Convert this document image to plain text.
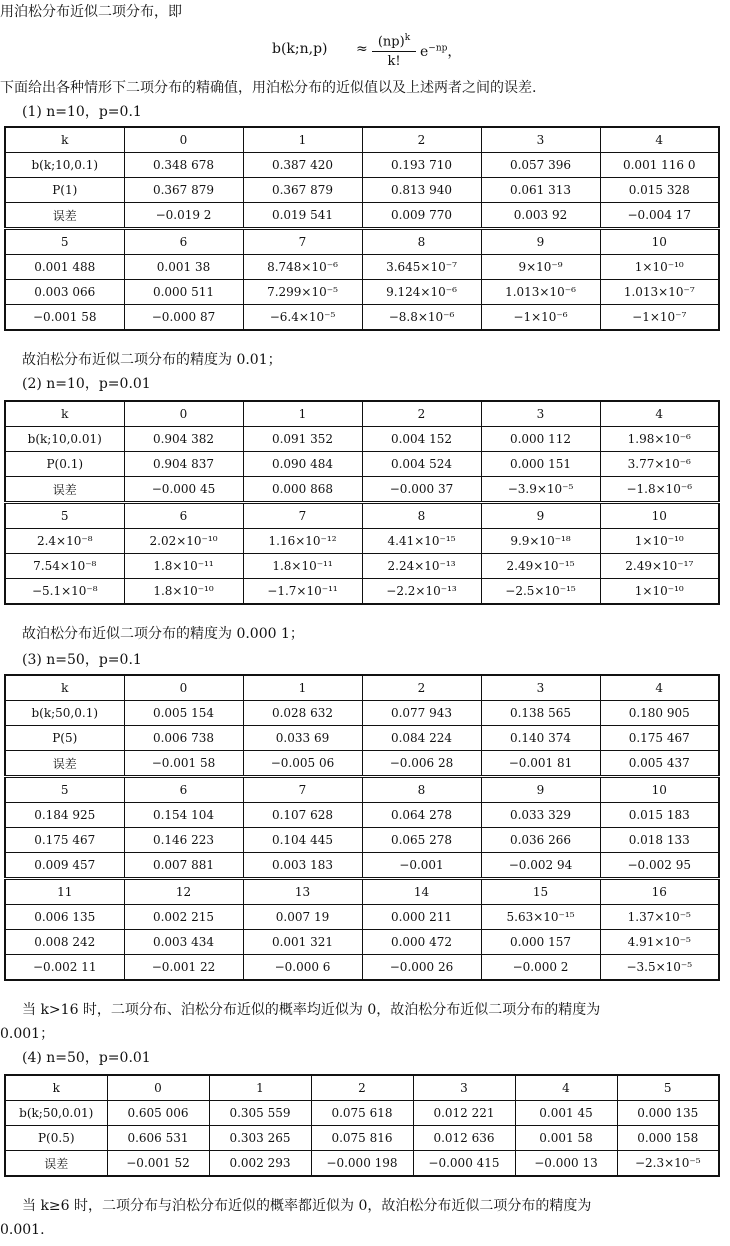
用泊松分布近似二项分布，即
b(k;n,p) ≈ $\frac{(np)^k}{k!} e^{-np}$，
下面给出各种情形下二项分布的精确值，用泊松分布的近似值以及上述两者之间的误差.
(1) n=10，p=0.1
k	0	1	2	3	4
b(k;10,0.1)	0.348 678	0.387 420	0.193 710	0.057 396	0.001 116 0
P(1)	0.367 879	0.367 879	0.813 940	0.061 313	0.015 328
误差	−0.019 2	0.019 541	0.009 770	0.003 92	−0.004 17
5	6	7	8	9	10
0.001 488	0.001 38	8.748×10⁻⁶	3.645×10⁻⁷	9×10⁻⁹	1×10⁻¹⁰
0.003 066	0.000 511	7.299×10⁻⁵	9.124×10⁻⁶	1.013×10⁻⁶	1.013×10⁻⁷
−0.001 58	−0.000 87	−6.4×10⁻⁵	−8.8×10⁻⁶	−1×10⁻⁶	−1×10⁻⁷
故泊松分布近似二项分布的精度为 0.01；
(2) n=10，p=0.01
k	0	1	2	3	4
b(k;10,0.01)	0.904 382	0.091 352	0.004 152	0.000 112	1.98×10⁻⁶
P(0.1)	0.904 837	0.090 484	0.004 524	0.000 151	3.77×10⁻⁶
误差	−0.000 45	0.000 868	−0.000 37	−3.9×10⁻⁵	−1.8×10⁻⁶
5	6	7	8	9	10
2.4×10⁻⁸	2.02×10⁻¹⁰	1.16×10⁻¹²	4.41×10⁻¹⁵	9.9×10⁻¹⁸	1×10⁻¹⁰
7.54×10⁻⁸	1.8×10⁻¹¹	1.8×10⁻¹¹	2.24×10⁻¹³	2.49×10⁻¹⁵	2.49×10⁻¹⁷
−5.1×10⁻⁸	1.8×10⁻¹⁰	−1.7×10⁻¹¹	−2.2×10⁻¹³	−2.5×10⁻¹⁵	1×10⁻¹⁰
故泊松分布近似二项分布的精度为 0.000 1；
(3) n=50，p=0.1
k	0	1	2	3	4
b(k;50,0.1)	0.005 154	0.028 632	0.077 943	0.138 565	0.180 905
P(5)	0.006 738	0.033 69	0.084 224	0.140 374	0.175 467
误差	−0.001 58	−0.005 06	−0.006 28	−0.001 81	0.005 437
5	6	7	8	9	10
0.184 925	0.154 104	0.107 628	0.064 278	0.033 329	0.015 183
0.175 467	0.146 223	0.104 445	0.065 278	0.036 266	0.018 133
0.009 457	0.007 881	0.003 183	−0.001	−0.002 94	−0.002 95
11	12	13	14	15	16
0.006 135	0.002 215	0.007 19	0.000 211	5.63×10⁻¹⁵	1.37×10⁻⁵
0.008 242	0.003 434	0.001 321	0.000 472	0.000 157	4.91×10⁻⁵
−0.002 11	−0.001 22	−0.000 6	−0.000 26	−0.000 2	−3.5×10⁻⁵
当 k>16 时，二项分布、泊松分布近似的概率均近似为 0，故泊松分布近似二项分布的精度为
0.001；
(4) n=50，p=0.01
k	0	1	2	3	4	5
b(k;50,0.01)	0.605 006	0.305 559	0.075 618	0.012 221	0.001 45	0.000 135
P(0.5)	0.606 531	0.303 265	0.075 816	0.012 636	0.001 58	0.000 158
误差	−0.001 52	0.002 293	−0.000 198	−0.000 415	−0.000 13	−2.3×10⁻⁵
当 k≥6 时，二项分布与泊松分布近似的概率都近似为 0，故泊松分布近似二项分布的精度为
0.001.
